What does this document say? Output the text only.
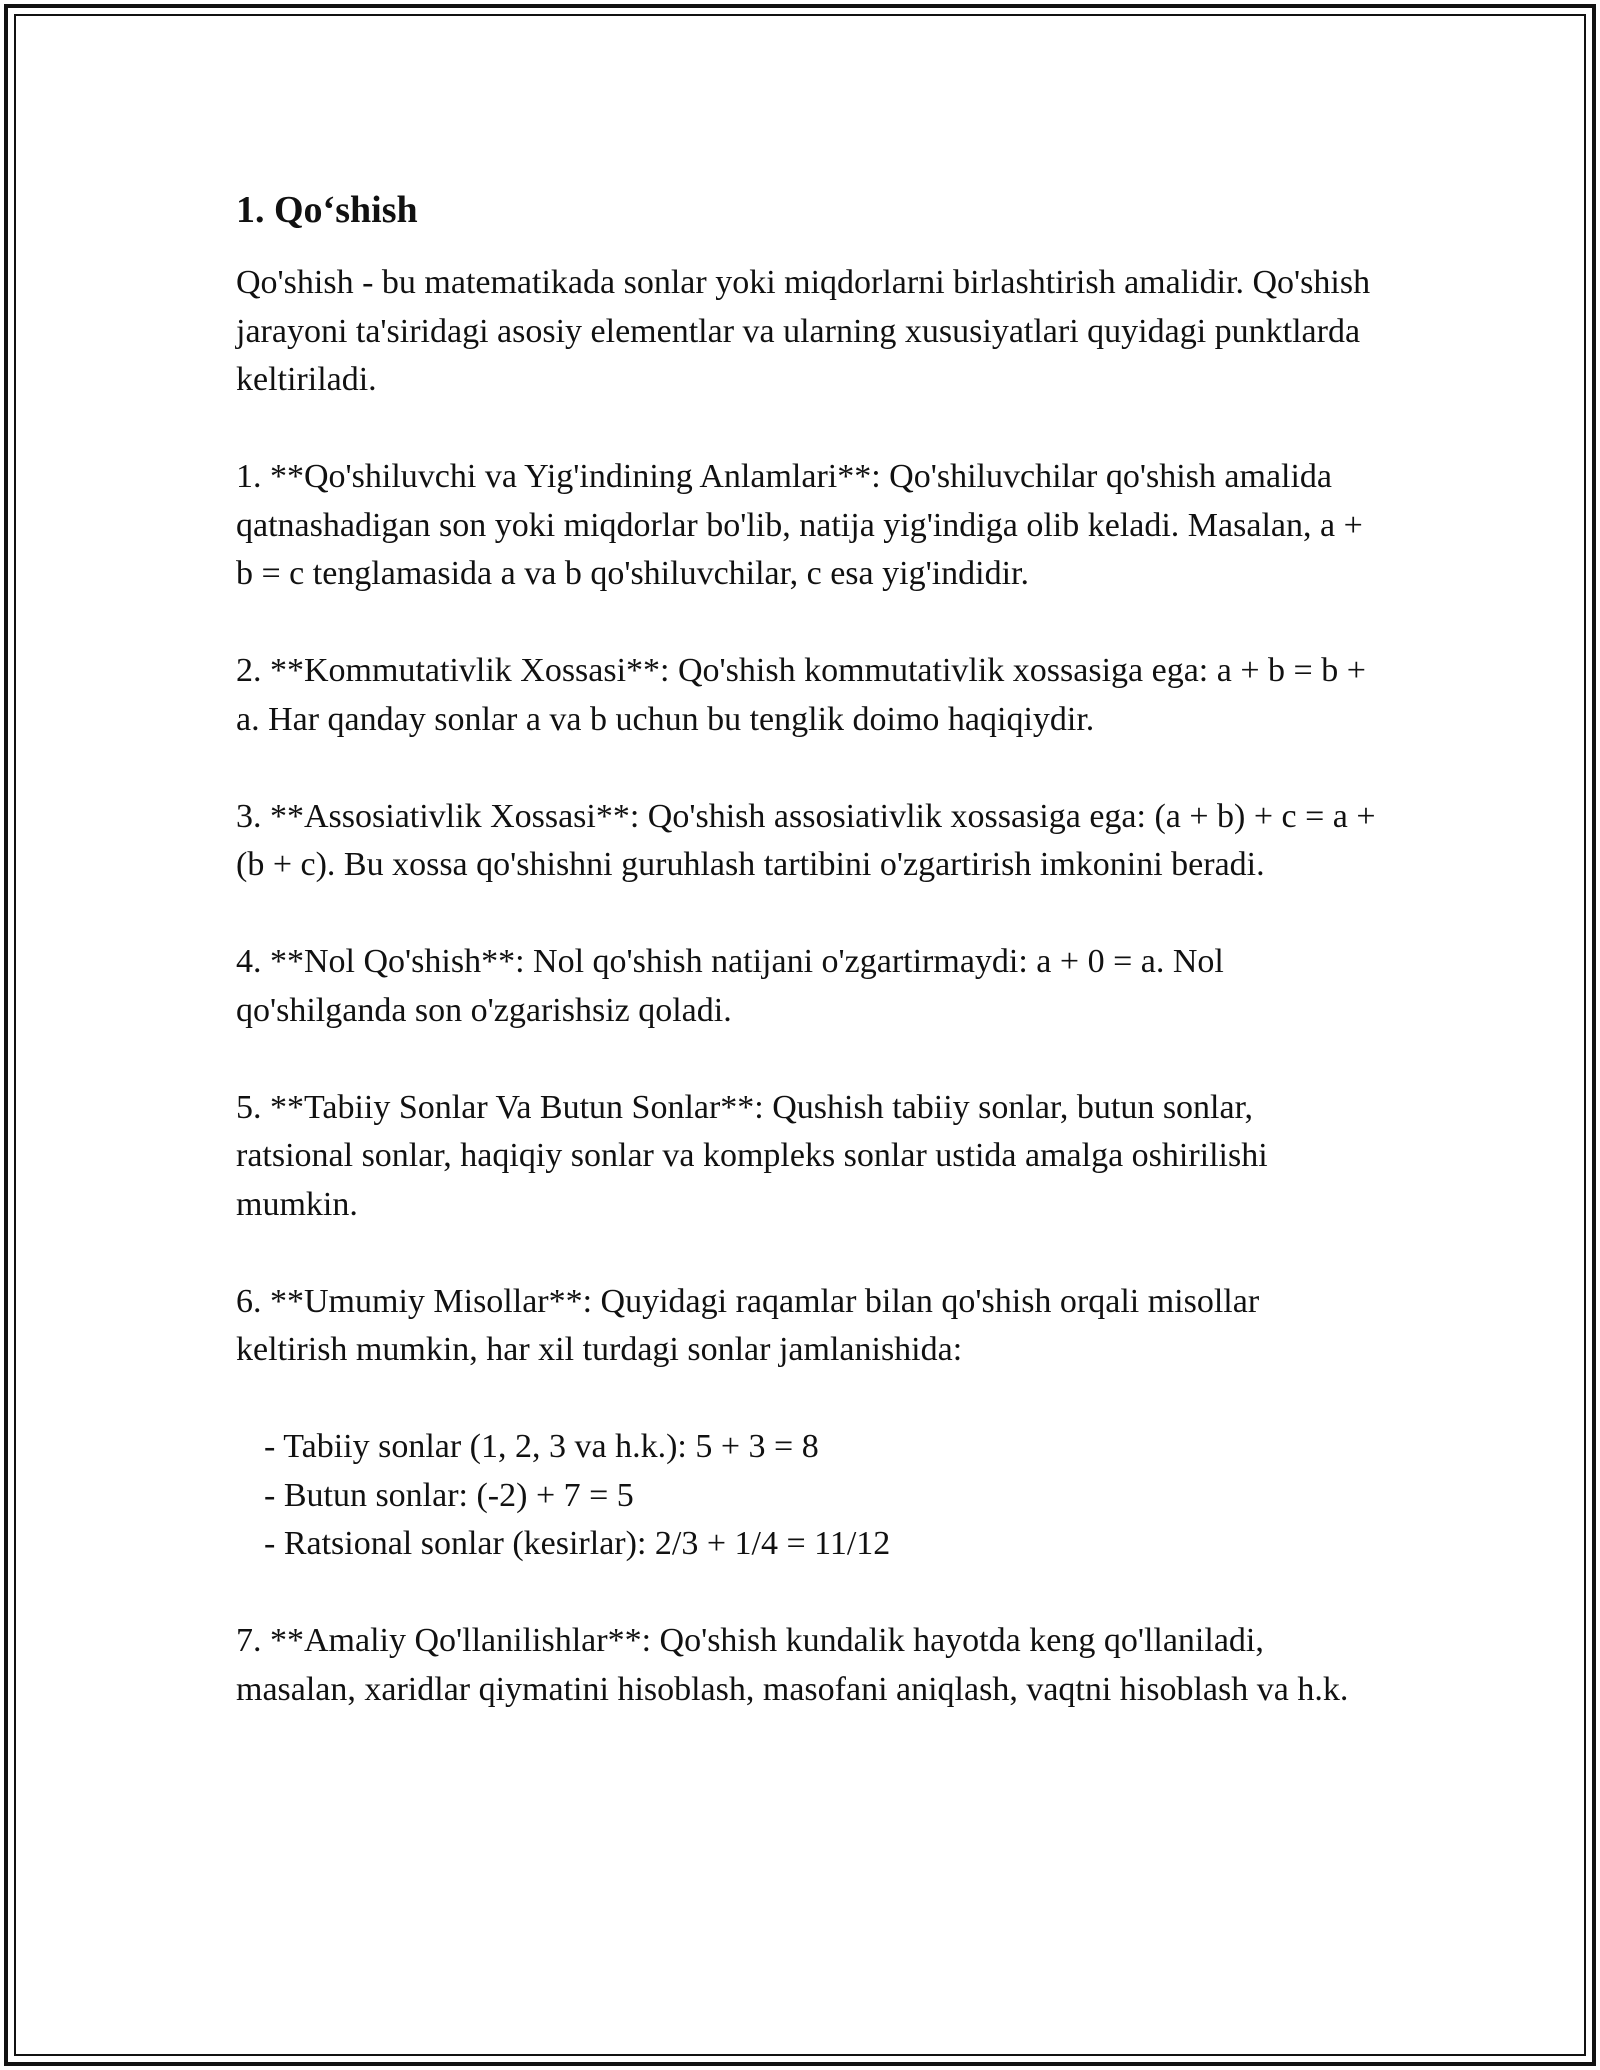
1. Qo‘shish

Qo'shish - bu matematikada sonlar yoki miqdorlarni birlashtirish amalidir. Qo'shish jarayoni ta'siridagi asosiy elementlar va ularning xususiyatlari quyidagi punktlarda keltiriladi.

1. **Qo'shiluvchi va Yig'indining Anlamlari**: Qo'shiluvchilar qo'shish amalida qatnashadigan son yoki miqdorlar bo'lib, natija yig'indiga olib keladi. Masalan, a + b = c tenglamasida a va b qo'shiluvchilar, c esa yig'indidir.

2. **Kommutativlik Xossasi**: Qo'shish kommutativlik xossasiga ega: a + b = b + a. Har qanday sonlar a va b uchun bu tenglik doimo haqiqiydir.

3. **Assosiativlik Xossasi**: Qo'shish assosiativlik xossasiga ega: (a + b) + c = a + (b + c). Bu xossa qo'shishni guruhlash tartibini o'zgartirish imkonini beradi.

4. **Nol Qo'shish**: Nol qo'shish natijani o'zgartirmaydi: a + 0 = a. Nol qo'shilganda son o'zgarishsiz qoladi.

5. **Tabiiy Sonlar Va Butun Sonlar**: Qushish tabiiy sonlar, butun sonlar, ratsional sonlar, haqiqiy sonlar va kompleks sonlar ustida amalga oshirilishi mumkin.

6. **Umumiy Misollar**: Quyidagi raqamlar bilan qo'shish orqali misollar keltirish mumkin, har xil turdagi sonlar jamlanishida:

- Tabiiy sonlar (1, 2, 3 va h.k.): 5 + 3 = 8
- Butun sonlar: (-2) + 7 = 5
- Ratsional sonlar (kesirlar): 2/3 + 1/4 = 11/12

7. **Amaliy Qo'llanilishlar**: Qo'shish kundalik hayotda keng qo'llaniladi, masalan, xaridlar qiymatini hisoblash, masofani aniqlash, vaqtni hisoblash va h.k.
